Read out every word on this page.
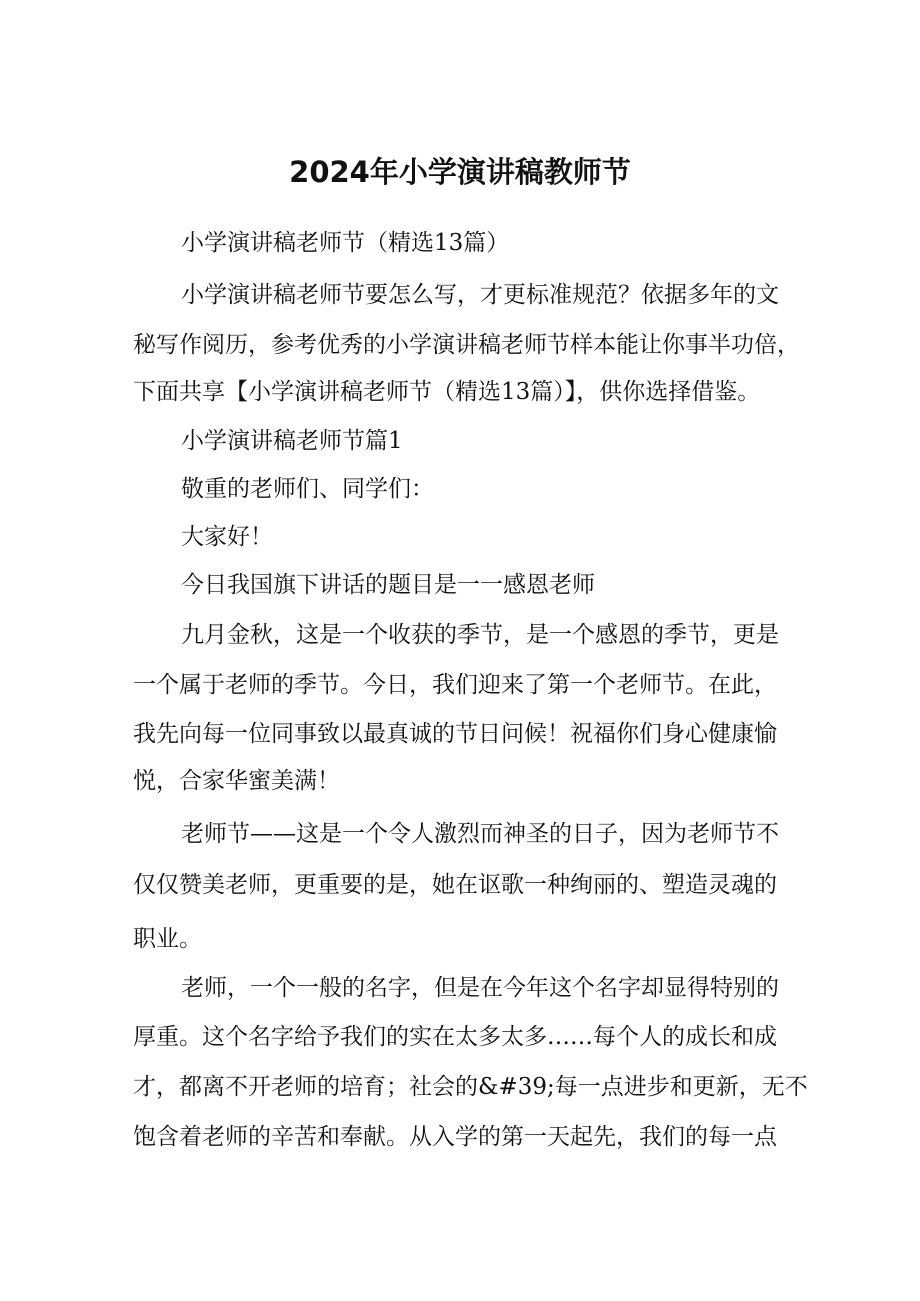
2024年小学演讲稿教师节
小学演讲稿老师节（精选13篇）
小学演讲稿老师节要怎么写，才更标准规范？依据多年的文
秘写作阅历，参考优秀的小学演讲稿老师节样本能让你事半功倍，
下面共享【小学演讲稿老师节（精选13篇）】，供你选择借鉴。
小学演讲稿老师节篇1
敬重的老师们、同学们：
大家好！
今日我国旗下讲话的题目是一一感恩老师
九月金秋，这是一个收获的季节，是一个感恩的季节，更是
一个属于老师的季节。今日，我们迎来了第一个老师节。在此，
我先向每一位同事致以最真诚的节日问候！祝福你们身心健康愉
悦，合家华蜜美满！
老师节——这是一个令人激烈而神圣的日子，因为老师节不
仅仅赞美老师，更重要的是，她在讴歌一种绚丽的、塑造灵魂的
职业。
老师，一个一般的名字，但是在今年这个名字却显得特别的
厚重。这个名字给予我们的实在太多太多……每个人的成长和成
才，都离不开老师的培育；社会的&#39;每一点进步和更新，无不
饱含着老师的辛苦和奉献。从入学的第一天起先，我们的每一点
